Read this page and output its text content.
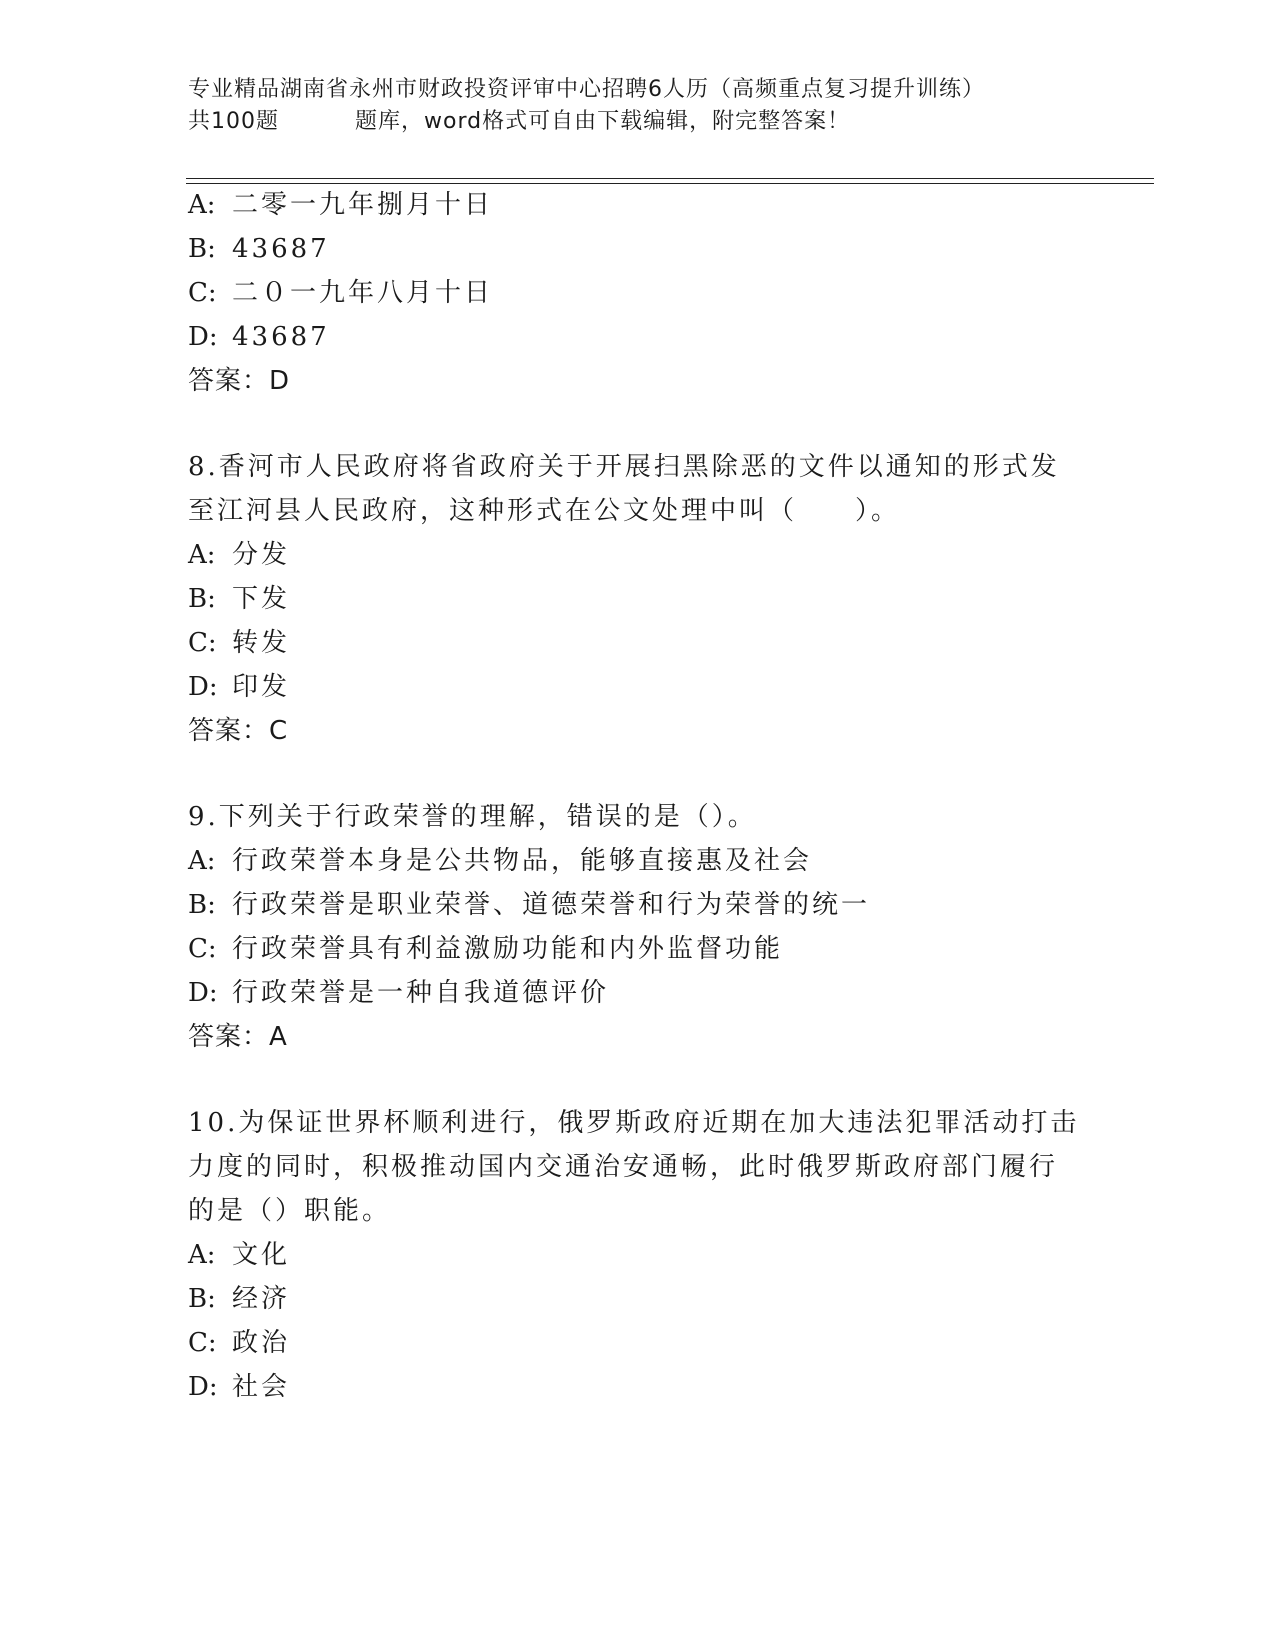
专业精品湖南省永州市财政投资评审中心招聘6人历（高频重点复习提升训练）
共100题	题库，word格式可自由下载编辑，附完整答案！
A: 二零一九年捌月十日
B: 43687
C: 二０一九年八月十日
D: 43687
答案：D
8.香河市人民政府将省政府关于开展扫黑除恶的文件以通知的形式发
至江河县人民政府，这种形式在公文处理中叫（　　）。
A: 分发
B: 下发
C: 转发
D: 印发
答案：C
9.下列关于行政荣誉的理解，错误的是（）。
A: 行政荣誉本身是公共物品，能够直接惠及社会
B: 行政荣誉是职业荣誉、道德荣誉和行为荣誉的统一
C: 行政荣誉具有利益激励功能和内外监督功能
D: 行政荣誉是一种自我道德评价
答案：A
10.为保证世界杯顺利进行，俄罗斯政府近期在加大违法犯罪活动打击
力度的同时，积极推动国内交通治安通畅，此时俄罗斯政府部门履行
的是（）职能。
A: 文化
B: 经济
C: 政治
D: 社会
